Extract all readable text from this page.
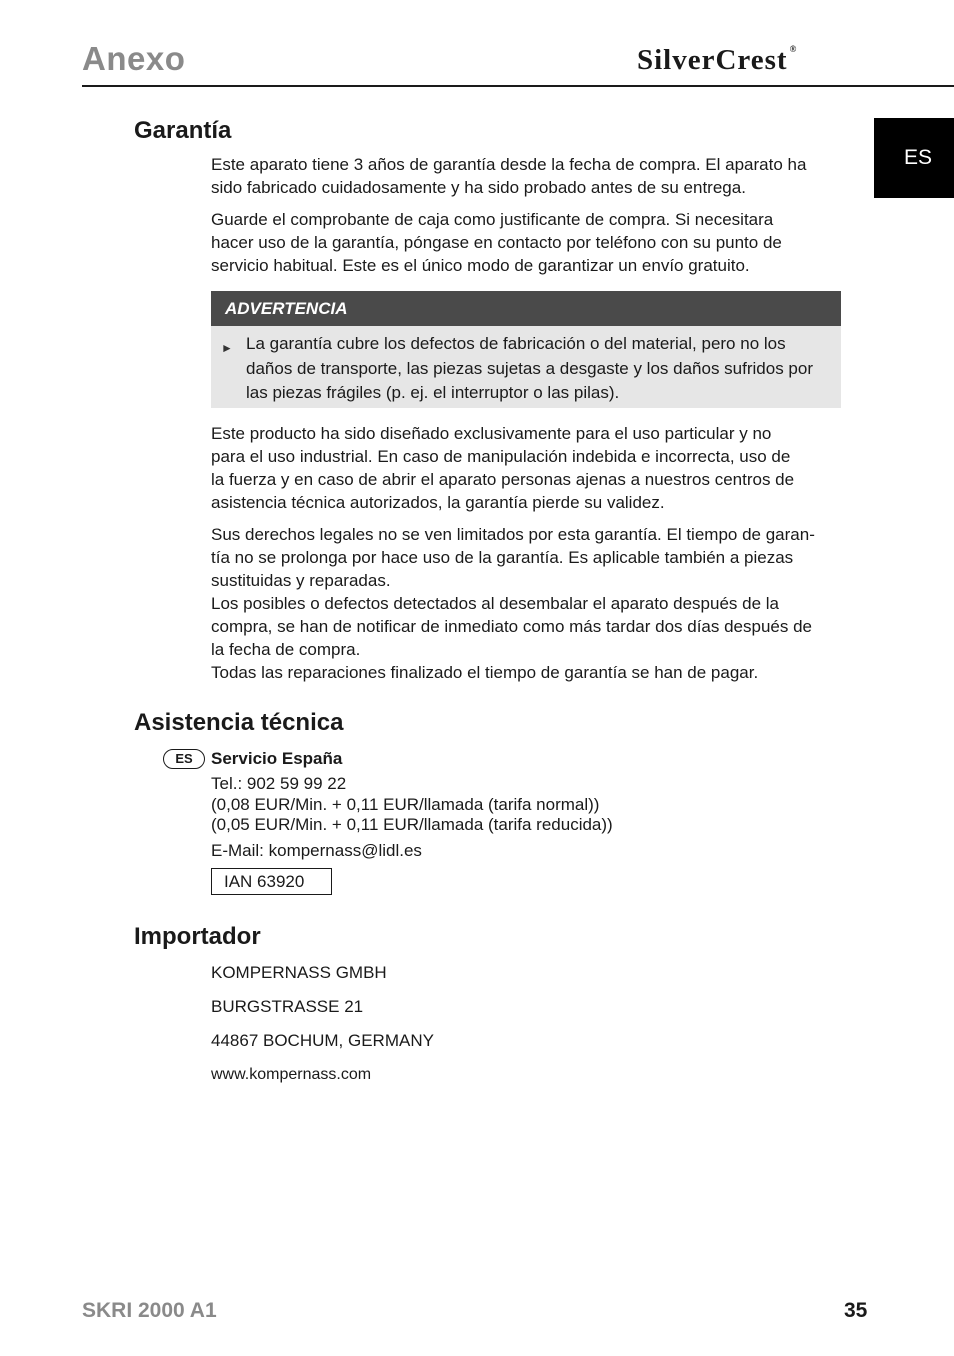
Anexo	SilverCrest ®
ES
Garantía
Este aparato tiene 3 años de garantía desde la fecha de compra. El aparato ha
sido fabricado cuidadosamente y ha sido probado antes de su entrega.
Guarde el comprobante de caja como justificante de compra. Si necesitara
hacer uso de la garantía, póngase en contacto por teléfono con su punto de
servicio habitual. Este es el único modo de garantizar un envío gratuito.
ADVERTENCIA
► La garantía cubre los defectos de fabricación o del material, pero no los
daños de transporte, las piezas sujetas a desgaste y los daños sufridos por
las piezas frágiles (p. ej. el interruptor o las pilas).
Este producto ha sido diseñado exclusivamente para el uso particular y no
para el uso industrial. En caso de manipulación indebida e incorrecta, uso de
la fuerza y en caso de abrir el aparato personas ajenas a nuestros centros de
asistencia técnica autorizados, la garantía pierde su validez.
Sus derechos legales no se ven limitados por esta garantía. El tiempo de garan-
tía no se prolonga por hace uso de la garantía. Es aplicable también a piezas
sustituidas y reparadas.
Los posibles o defectos detectados al desembalar el aparato después de la
compra, se han de notificar de inmediato como más tardar dos días después de
la fecha de compra.
Todas las reparaciones finalizado el tiempo de garantía se han de pagar.
Asistencia técnica
ES	Servicio España
Tel.: 902 59 99 22
(0,08 EUR/Min. + 0,11 EUR/llamada (tarifa normal))
(0,05 EUR/Min. + 0,11 EUR/llamada (tarifa reducida))
E-Mail: kompernass@lidl.es
IAN 63920
Importador
KOMPERNASS GMBH
BURGSTRASSE 21
44867 BOCHUM, GERMANY
www.kompernass.com
SKRI 2000 A1	35
